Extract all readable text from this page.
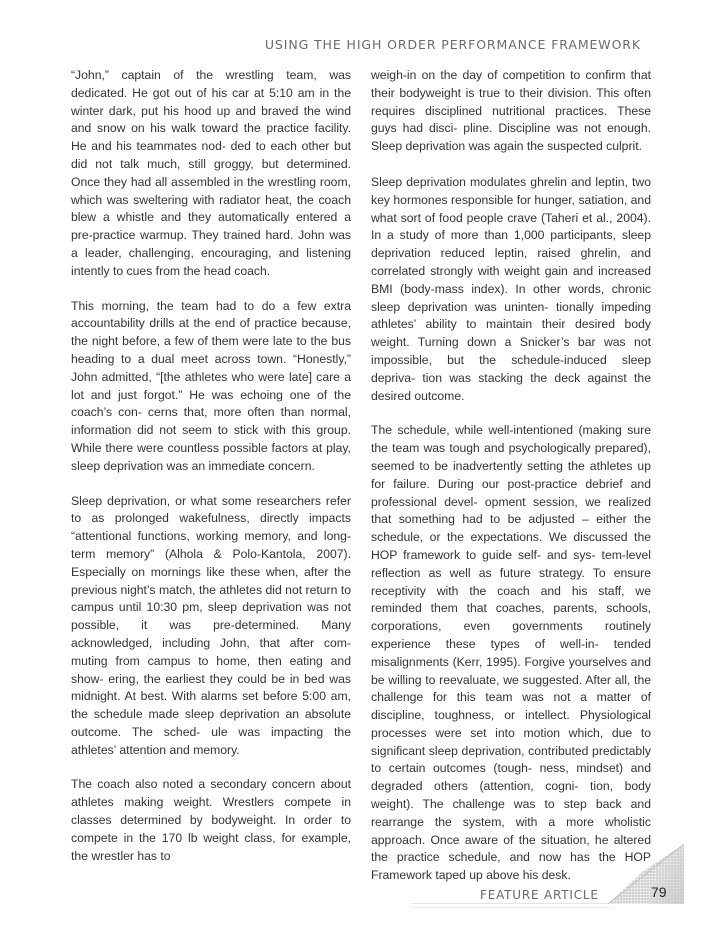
USING THE HIGH ORDER PERFORMANCE FRAMEWORK

“John,” captain of the wrestling team, was dedicated. He got out of his car at 5:10 am in the winter dark, put his hood up and braved the wind and snow on his walk toward the practice facility. He and his teammates nod- ded to each other but did not talk much, still groggy, but determined. Once they had all assembled in the wrestling room, which was sweltering with radiator heat, the coach blew a whistle and they automatically entered a pre-practice warmup. They trained hard. John was a leader, challenging, encouraging, and listening intently to cues from the head coach.

This morning, the team had to do a few extra accountability drills at the end of practice because, the night before, a few of them were late to the bus heading to a dual meet across town. “Honestly,” John admitted, “[the athletes who were late] care a lot and just forgot.” He was echoing one of the coach’s con- cerns that, more often than normal, information did not seem to stick with this group. While there were countless possible factors at play, sleep deprivation was an immediate concern.

Sleep deprivation, or what some researchers refer to as prolonged wakefulness, directly impacts “attentional functions, working memory, and long-term memory” (Alhola & Polo-Kantola, 2007). Especially on mornings like these when, after the previous night’s match, the athletes did not return to campus until 10:30 pm, sleep deprivation was not possible, it was pre-determined. Many acknowledged, including John, that after com- muting from campus to home, then eating and show- ering, the earliest they could be in bed was midnight. At best. With alarms set before 5:00 am, the schedule made sleep deprivation an absolute outcome. The sched- ule was impacting the athletes’ attention and memory.

The coach also noted a secondary concern about athletes making weight. Wrestlers compete in classes determined by bodyweight. In order to compete in the 170 lb weight class, for example, the wrestler has to

weigh-in on the day of competition to confirm that their bodyweight is true to their division. This often requires disciplined nutritional practices. These guys had disci- pline. Discipline was not enough. Sleep deprivation was again the suspected culprit.

Sleep deprivation modulates ghrelin and leptin, two key hormones responsible for hunger, satiation, and what sort of food people crave (Taheri et al., 2004). In a study of more than 1,000 participants, sleep deprivation reduced leptin, raised ghrelin, and correlated strongly with weight gain and increased BMI (body-mass index). In other words, chronic sleep deprivation was uninten- tionally impeding athletes’ ability to maintain their desired body weight. Turning down a Snicker’s bar was not impossible, but the schedule-induced sleep depriva- tion was stacking the deck against the desired outcome.

The schedule, while well-intentioned (making sure the team was tough and psychologically prepared), seemed to be inadvertently setting the athletes up for failure. During our post-practice debrief and professional devel- opment session, we realized that something had to be adjusted – either the schedule, or the expectations. We discussed the HOP framework to guide self- and sys- tem-level reflection as well as future strategy. To ensure receptivity with the coach and his staff, we reminded them that coaches, parents, schools, corporations, even governments routinely experience these types of well-in- tended misalignments (Kerr, 1995). Forgive yourselves and be willing to reevaluate, we suggested. After all, the challenge for this team was not a matter of discipline, toughness, or intellect. Physiological processes were set into motion which, due to significant sleep deprivation, contributed predictably to certain outcomes (tough- ness, mindset) and degraded others (attention, cogni- tion, body weight). The challenge was to step back and rearrange the system, with a more wholistic approach. Once aware of the situation, he altered the practice schedule, and now has the HOP Framework taped up above his desk.

FEATURE ARTICLE	79
